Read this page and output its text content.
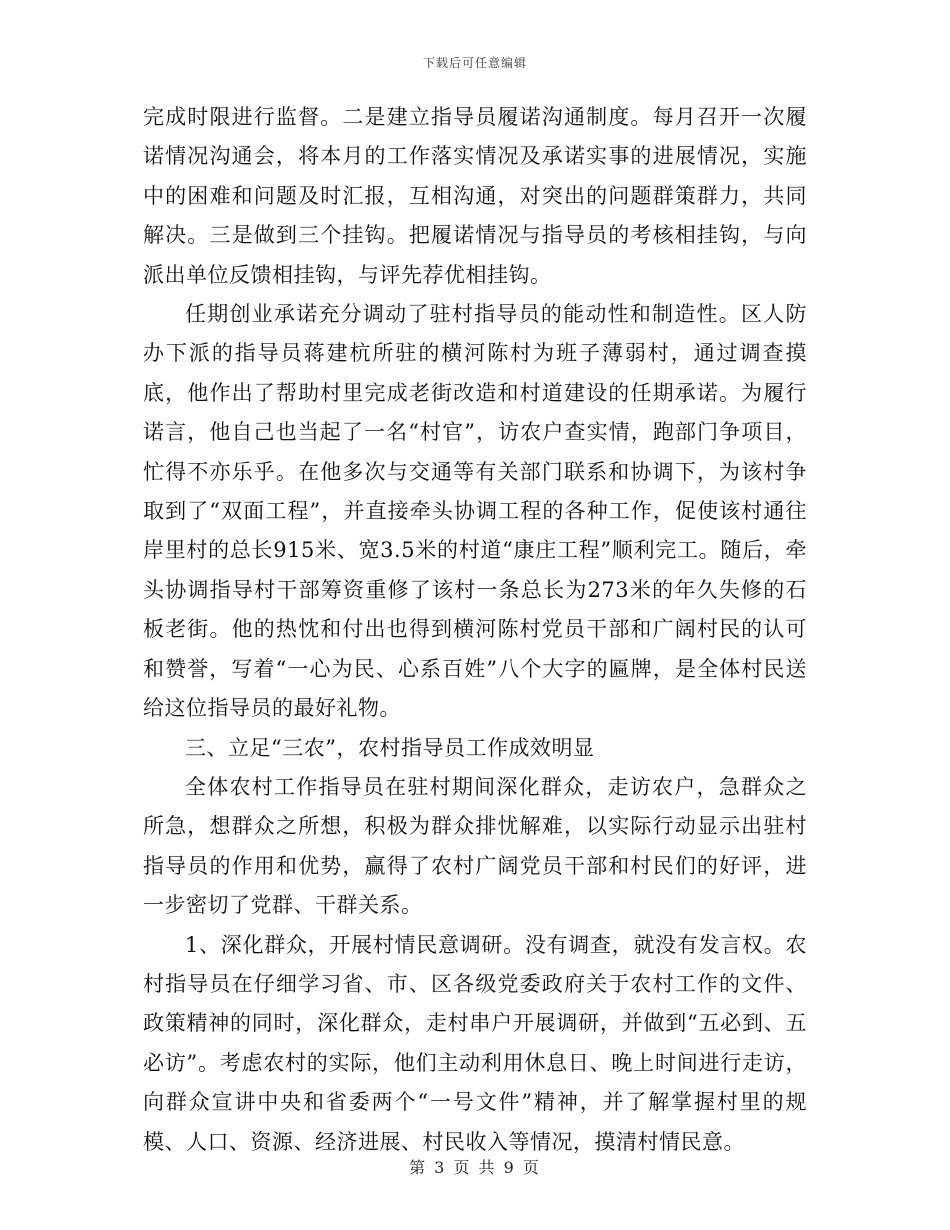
下载后可任意编辑

完成时限进行监督。二是建立指导员履诺沟通制度。每月召开一次履诺情况沟通会，将本月的工作落实情况及承诺实事的进展情况，实施中的困难和问题及时汇报，互相沟通，对突出的问题群策群力，共同解决。三是做到三个挂钩。把履诺情况与指导员的考核相挂钩，与向派出单位反馈相挂钩，与评先荐优相挂钩。

任期创业承诺充分调动了驻村指导员的能动性和制造性。区人防办下派的指导员蒋建杭所驻的横河陈村为班子薄弱村，通过调查摸底，他作出了帮助村里完成老街改造和村道建设的任期承诺。为履行诺言，他自己也当起了一名“村官”，访农户查实情，跑部门争项目，忙得不亦乐乎。在他多次与交通等有关部门联系和协调下，为该村争取到了“双面工程”，并直接牵头协调工程的各种工作，促使该村通往岸里村的总长915米、宽3.5米的村道“康庄工程”顺利完工。随后，牵头协调指导村干部筹资重修了该村一条总长为273米的年久失修的石板老街。他的热忱和付出也得到横河陈村党员干部和广阔村民的认可和赞誉，写着“一心为民、心系百姓”八个大字的匾牌，是全体村民送给这位指导员的最好礼物。

三、立足“三农”，农村指导员工作成效明显

全体农村工作指导员在驻村期间深化群众，走访农户，急群众之所急，想群众之所想，积极为群众排忧解难，以实际行动显示出驻村指导员的作用和优势，赢得了农村广阔党员干部和村民们的好评，进一步密切了党群、干群关系。

1、深化群众，开展村情民意调研。没有调查，就没有发言权。农村指导员在仔细学习省、市、区各级党委政府关于农村工作的文件、政策精神的同时，深化群众，走村串户开展调研，并做到“五必到、五必访”。考虑农村的实际，他们主动利用休息日、晚上时间进行走访，向群众宣讲中央和省委两个“一号文件”精神，并了解掌握村里的规模、人口、资源、经济进展、村民收入等情况，摸清村情民意。

第 3 页 共 9 页
